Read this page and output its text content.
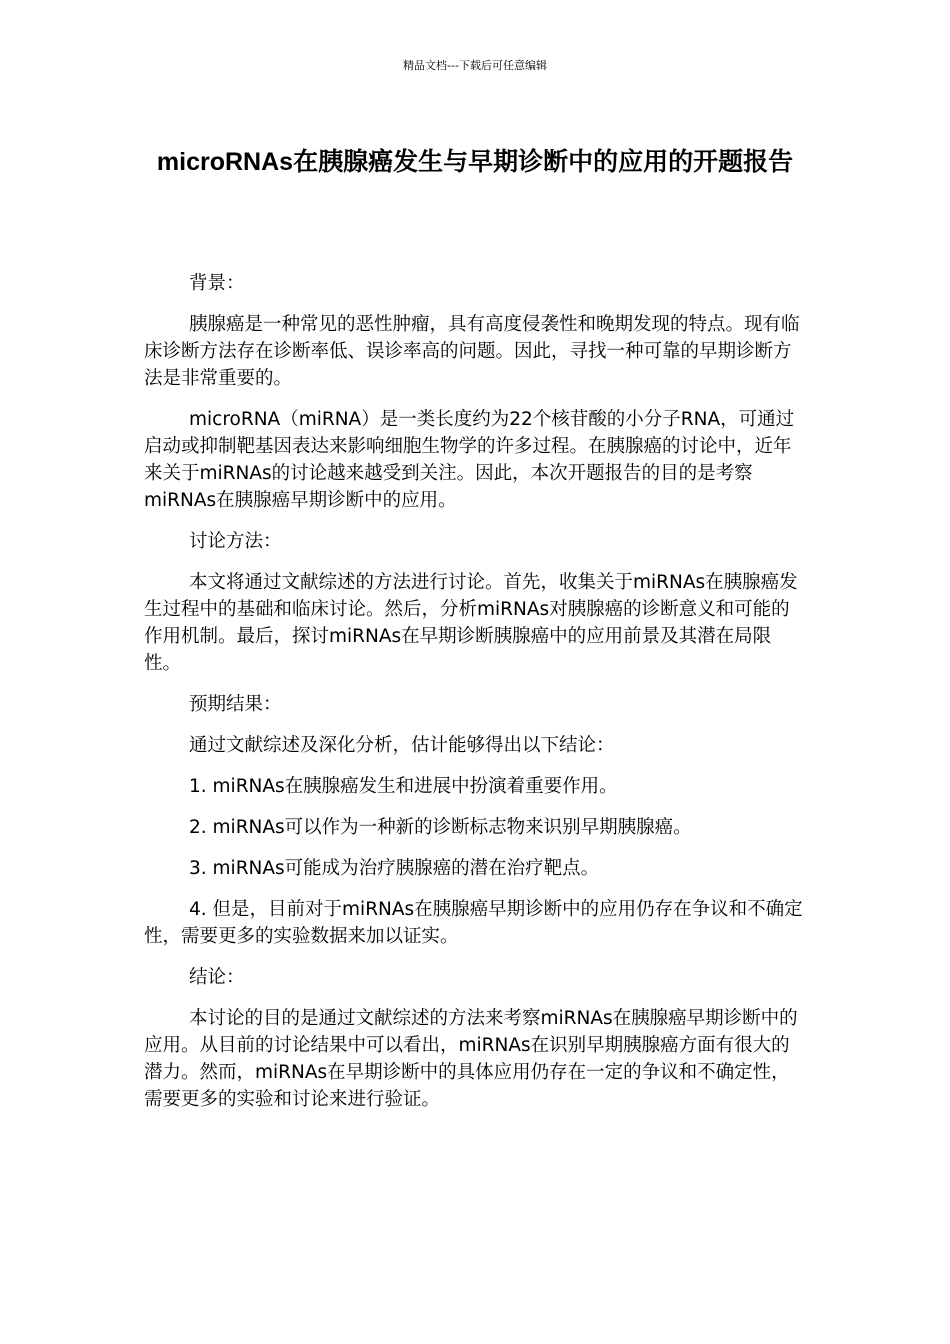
精品文档---下载后可任意编辑
microRNAs在胰腺癌发生与早期诊断中的应用的开题报告

背景：

胰腺癌是一种常见的恶性肿瘤，具有高度侵袭性和晚期发现的特点。现有临床诊断方法存在诊断率低、误诊率高的问题。因此，寻找一种可靠的早期诊断方法是非常重要的。

microRNA（miRNA）是一类长度约为22个核苷酸的小分子RNA，可通过启动或抑制靶基因表达来影响细胞生物学的许多过程。在胰腺癌的讨论中，近年来关于miRNAs的讨论越来越受到关注。因此，本次开题报告的目的是考察miRNAs在胰腺癌早期诊断中的应用。

讨论方法：

本文将通过文献综述的方法进行讨论。首先，收集关于miRNAs在胰腺癌发生过程中的基础和临床讨论。然后，分析miRNAs对胰腺癌的诊断意义和可能的作用机制。最后，探讨miRNAs在早期诊断胰腺癌中的应用前景及其潜在局限性。

预期结果：

通过文献综述及深化分析，估计能够得出以下结论：

1. miRNAs在胰腺癌发生和进展中扮演着重要作用。

2. miRNAs可以作为一种新的诊断标志物来识别早期胰腺癌。

3. miRNAs可能成为治疗胰腺癌的潜在治疗靶点。

4. 但是，目前对于miRNAs在胰腺癌早期诊断中的应用仍存在争议和不确定性，需要更多的实验数据来加以证实。

结论：

本讨论的目的是通过文献综述的方法来考察miRNAs在胰腺癌早期诊断中的应用。从目前的讨论结果中可以看出，miRNAs在识别早期胰腺癌方面有很大的潜力。然而，miRNAs在早期诊断中的具体应用仍存在一定的争议和不确定性，需要更多的实验和讨论来进行验证。
